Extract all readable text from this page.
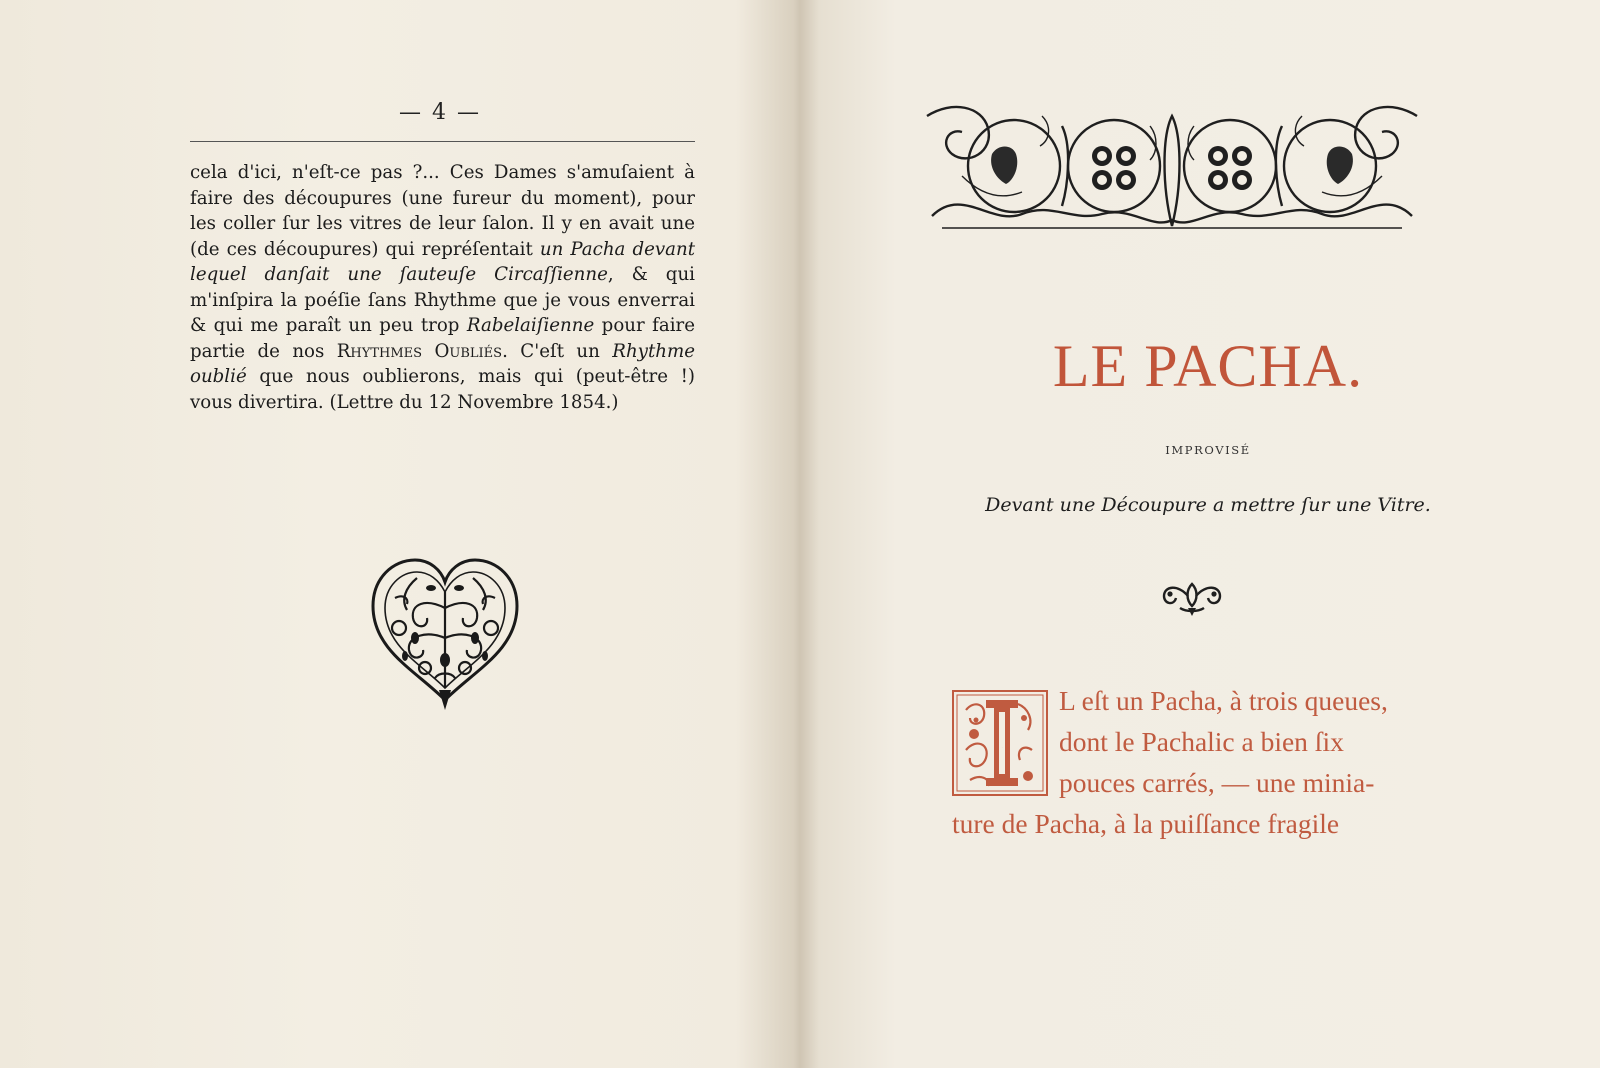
— 4 —

cela d'ici, n'eſt-ce pas ?... Ces Dames s'amuſaient à faire des découpures (une fureur du moment), pour les coller ſur les vitres de leur ſalon. Il y en avait une (de ces découpures) qui repréſentait un Pacha devant lequel danſait une ſauteuſe Circaſſienne, & qui m'inſpira la poéſie ſans Rhythme que je vous enverrai & qui me paraît un peu trop Rabelaiſienne pour faire partie de nos Rhythmes Oubliés. C'eſt un Rhythme oublié que nous oublierons, mais qui (peut-être !) vous divertira. (Lettre du 12 Novembre 1854.)

LE PACHA.
IMPROVISÉ
Devant une Découpure a mettre ſur une Vitre.
I
L eſt un Pacha, à trois queues,
dont le Pachalic a bien ſix
pouces carrés, — une minia-
ture de Pacha, à la puiſſance fragile
